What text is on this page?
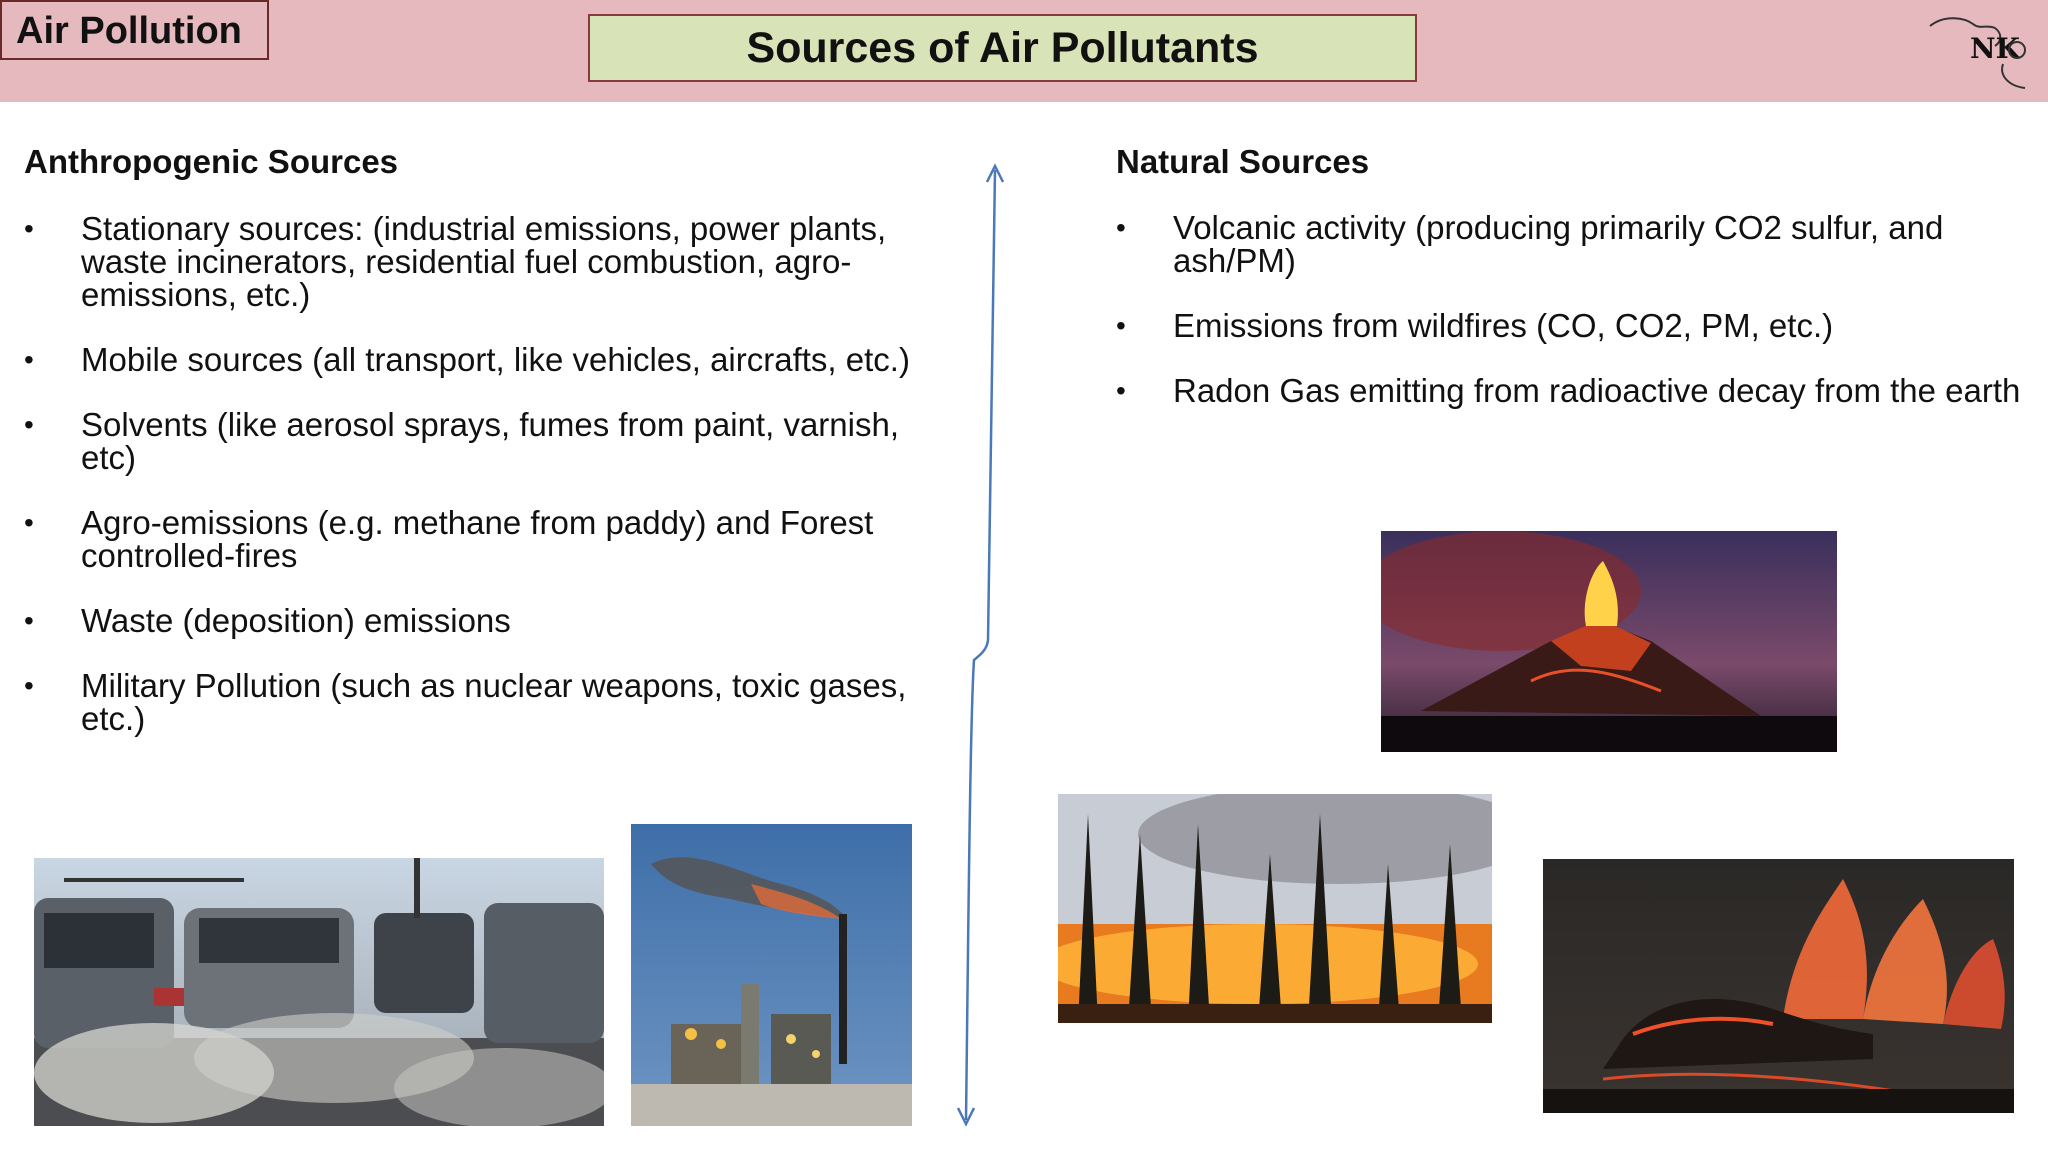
Air Pollution	Sources of Air Pollutants	NK
Anthropogenic Sources
• Stationary sources: (industrial emissions, power plants, waste incinerators, residential fuel combustion, agro-emissions, etc.)
• Mobile sources (all transport, like vehicles, aircrafts, etc.)
• Solvents (like aerosol sprays, fumes from paint, varnish, etc)
• Agro-emissions (e.g. methane from paddy) and Forest controlled-fires
• Waste (deposition) emissions
• Military Pollution (such as nuclear weapons, toxic gases, etc.)
Natural Sources
• Volcanic activity (producing primarily CO2 sulfur, and ash/PM)
• Emissions from wildfires (CO, CO2, PM, etc.)
• Radon Gas emitting from radioactive decay from the earth
